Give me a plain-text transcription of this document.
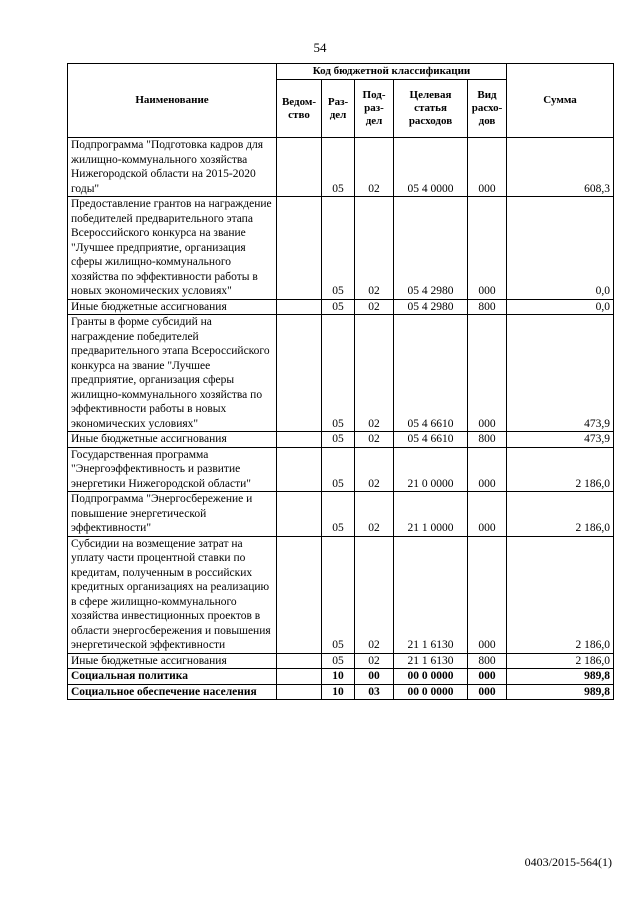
54
Наименование	Код бюджетной классификации					Сумма
	Ведом-ство	Раз-дел	Под-раз-дел	Целевая статья расходов	Вид расхо-дов	
Подпрограмма "Подготовка кадров для жилищно-коммунального хозяйства Нижегородской области на 2015-2020 годы"		05	02	05 4 0000	000	608,3
Предоставление грантов на награждение победителей предварительного этапа Всероссийского конкурса на звание "Лучшее предприятие, организация сферы жилищно-коммунального хозяйства по эффективности работы в новых экономических условиях"		05	02	05 4 2980	000	0,0
Иные бюджетные ассигнования		05	02	05 4 2980	800	0,0
Гранты в форме субсидий на награждение победителей предварительного этапа Всероссийского конкурса на звание "Лучшее предприятие, организация сферы жилищно-коммунального хозяйства по эффективности работы в новых экономических условиях"		05	02	05 4 6610	000	473,9
Иные бюджетные ассигнования		05	02	05 4 6610	800	473,9
Государственная программа "Энергоэффективность и развитие энергетики Нижегородской области"		05	02	21 0 0000	000	2 186,0
Подпрограмма "Энергосбережение и повышение энергетической эффективности"		05	02	21 1 0000	000	2 186,0
Субсидии на возмещение затрат на уплату части процентной ставки по кредитам, полученным в российских кредитных организациях на реализацию в сфере жилищно-коммунального хозяйства инвестиционных проектов в области энергосбережения и повышения энергетической эффективности		05	02	21 1 6130	000	2 186,0
Иные бюджетные ассигнования		05	02	21 1 6130	800	2 186,0
Социальная политика		10	00	00 0 0000	000	989,8
Социальное обеспечение населения		10	03	00 0 0000	000	989,8
0403/2015-564(1)
